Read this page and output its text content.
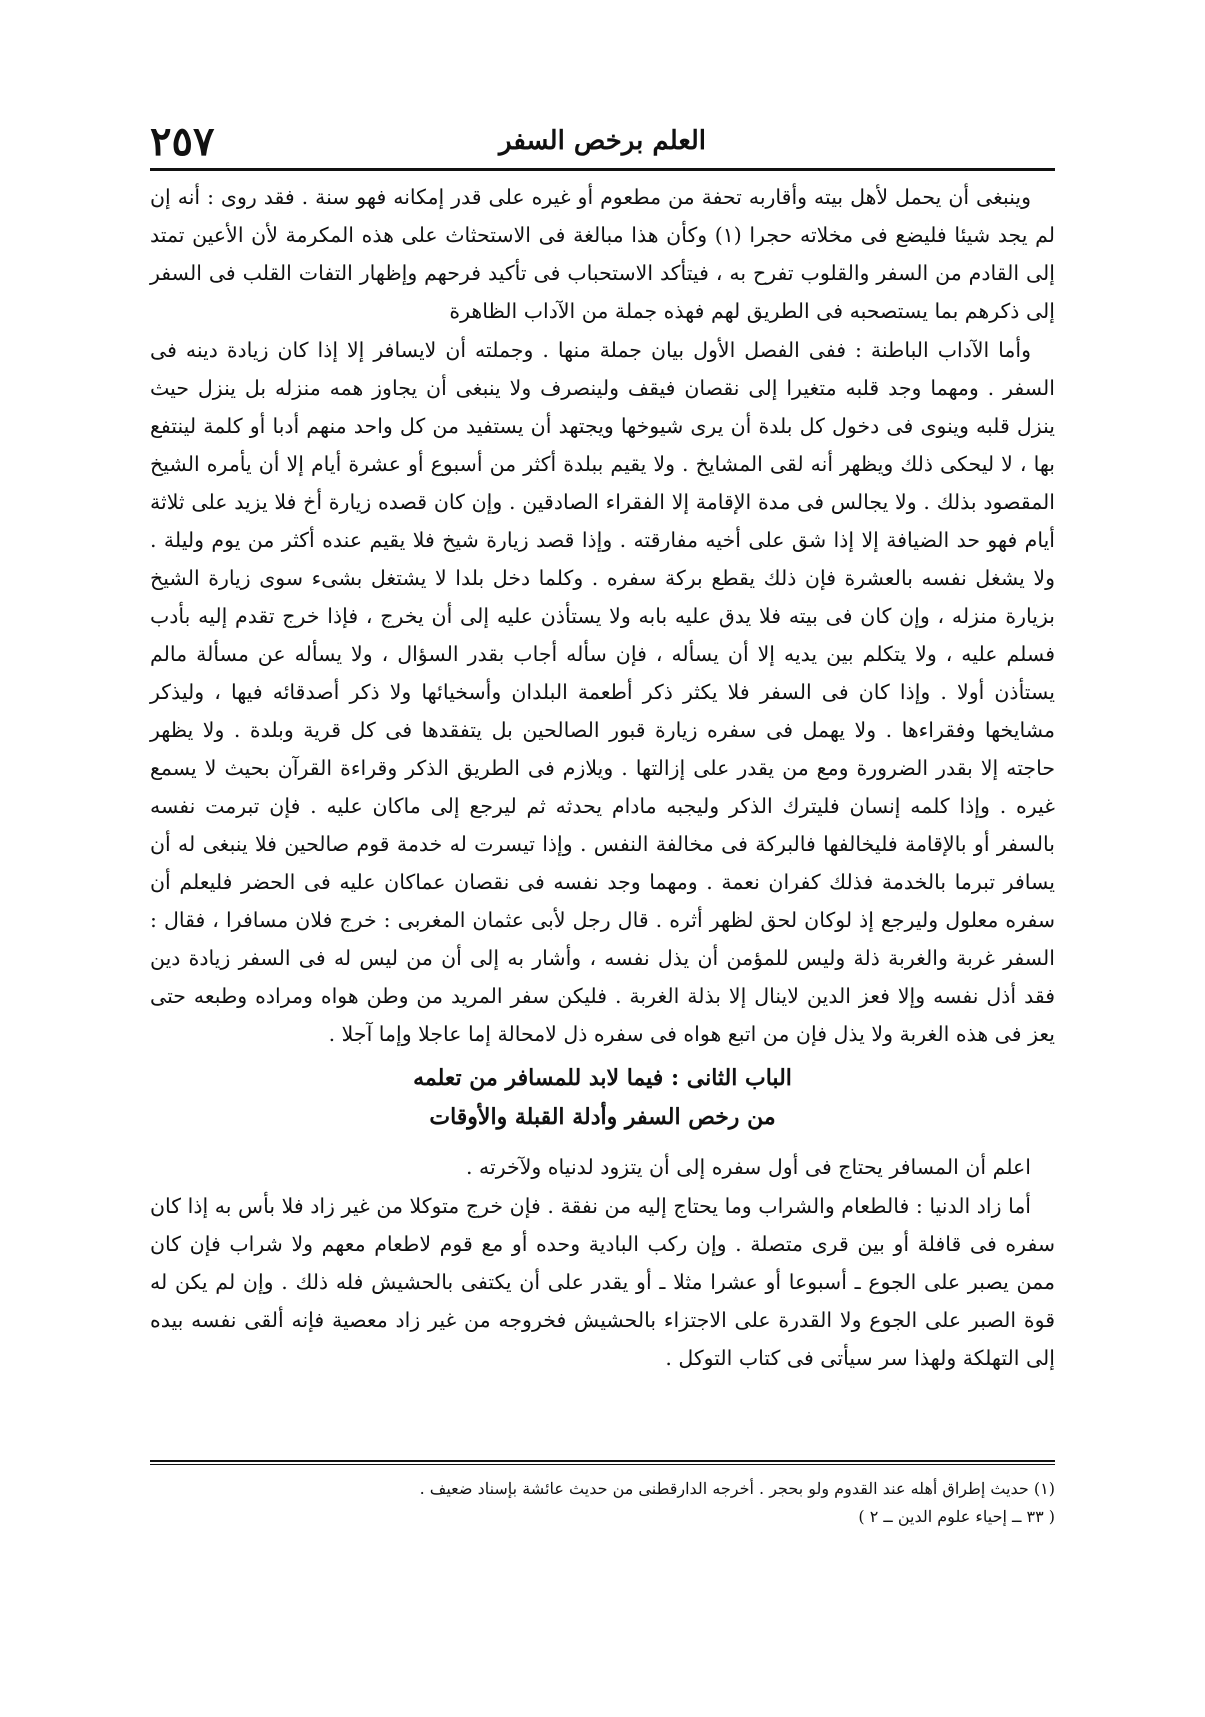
العلم برخص السفر
٢٥٧

وينبغى أن يحمل لأهل بيته وأقاربه تحفة من مطعوم أو غيره على قدر إمكانه فهو سنة . فقد روى : أنه إن لم يجد شيئا فليضع فى مخلاته حجرا (١) وكأن هذا مبالغة فى الاستحثاث على هذه المكرمة لأن الأعين تمتد إلى القادم من السفر والقلوب تفرح به ، فيتأكد الاستحباب فى تأكيد فرحهم وإظهار التفات القلب فى السفر إلى ذكرهم بما يستصحبه فى الطريق لهم فهذه جملة من الآداب الظاهرة

وأما الآداب الباطنة : ففى الفصل الأول بيان جملة منها . وجملته أن لايسافر إلا إذا كان زيادة دينه فى السفر . ومهما وجد قلبه متغيرا إلى نقصان فيقف ولينصرف ولا ينبغى أن يجاوز همه منزله بل ينزل حيث ينزل قلبه وينوى فى دخول كل بلدة أن يرى شيوخها ويجتهد أن يستفيد من كل واحد منهم أدبا أو كلمة لينتفع بها ، لا ليحكى ذلك ويظهر أنه لقى المشايخ . ولا يقيم ببلدة أكثر من أسبوع أو عشرة أيام إلا أن يأمره الشيخ المقصود بذلك . ولا يجالس فى مدة الإقامة إلا الفقراء الصادقين . وإن كان قصده زيارة أخ فلا يزيد على ثلاثة أيام فهو حد الضيافة إلا إذا شق على أخيه مفارقته . وإذا قصد زيارة شيخ فلا يقيم عنده أكثر من يوم وليلة . ولا يشغل نفسه بالعشرة فإن ذلك يقطع بركة سفره . وكلما دخل بلدا لا يشتغل بشىء سوى زيارة الشيخ بزيارة منزله ، وإن كان فى بيته فلا يدق عليه بابه ولا يستأذن عليه إلى أن يخرج ، فإذا خرج تقدم إليه بأدب فسلم عليه ، ولا يتكلم بين يديه إلا أن يسأله ، فإن سأله أجاب بقدر السؤال ، ولا يسأله عن مسألة مالم يستأذن أولا . وإذا كان فى السفر فلا يكثر ذكر أطعمة البلدان وأسخيائها ولا ذكر أصدقائه فيها ، وليذكر مشايخها وفقراءها . ولا يهمل فى سفره زيارة قبور الصالحين بل يتفقدها فى كل قرية وبلدة . ولا يظهر حاجته إلا بقدر الضرورة ومع من يقدر على إزالتها . ويلازم فى الطريق الذكر وقراءة القرآن بحيث لا يسمع غيره . وإذا كلمه إنسان فليترك الذكر وليجبه مادام يحدثه ثم ليرجع إلى ماكان عليه . فإن تبرمت نفسه بالسفر أو بالإقامة فليخالفها فالبركة فى مخالفة النفس . وإذا تيسرت له خدمة قوم صالحين فلا ينبغى له أن يسافر تبرما بالخدمة فذلك كفران نعمة . ومهما وجد نفسه فى نقصان عماكان عليه فى الحضر فليعلم أن سفره معلول وليرجع إذ لوكان لحق لظهر أثره . قال رجل لأبى عثمان المغربى : خرج فلان مسافرا ، فقال : السفر غربة والغربة ذلة وليس للمؤمن أن يذل نفسه ، وأشار به إلى أن من ليس له فى السفر زيادة دين فقد أذل نفسه وإلا فعز الدين لاينال إلا بذلة الغربة . فليكن سفر المريد من وطن هواه ومراده وطبعه حتى يعز فى هذه الغربة ولا يذل فإن من اتبع هواه فى سفره ذل لامحالة إما عاجلا وإما آجلا .

الباب الثانى : فيما لابد للمسافر من تعلمه

من رخص السفر وأدلة القبلة والأوقات

اعلم أن المسافر يحتاج فى أول سفره إلى أن يتزود لدنياه ولآخرته .

أما زاد الدنيا : فالطعام والشراب وما يحتاج إليه من نفقة . فإن خرج متوكلا من غير زاد فلا بأس به إذا كان سفره فى قافلة أو بين قرى متصلة . وإن ركب البادية وحده أو مع قوم لاطعام معهم ولا شراب فإن كان ممن يصبر على الجوع ـ أسبوعا أو عشرا مثلا ـ أو يقدر على أن يكتفى بالحشيش فله ذلك . وإن لم يكن له قوة الصبر على الجوع ولا القدرة على الاجتزاء بالحشيش فخروجه من غير زاد معصية فإنه ألقى نفسه بيده إلى التهلكة ولهذا سر سيأتى فى كتاب التوكل .

(١) حديث إطراق أهله عند القدوم ولو بحجر . أخرجه الدارقطنى من حديث عائشة بإسناد ضعيف .
( ٣٣ ــ إحياء علوم الدين ــ ٢ )
